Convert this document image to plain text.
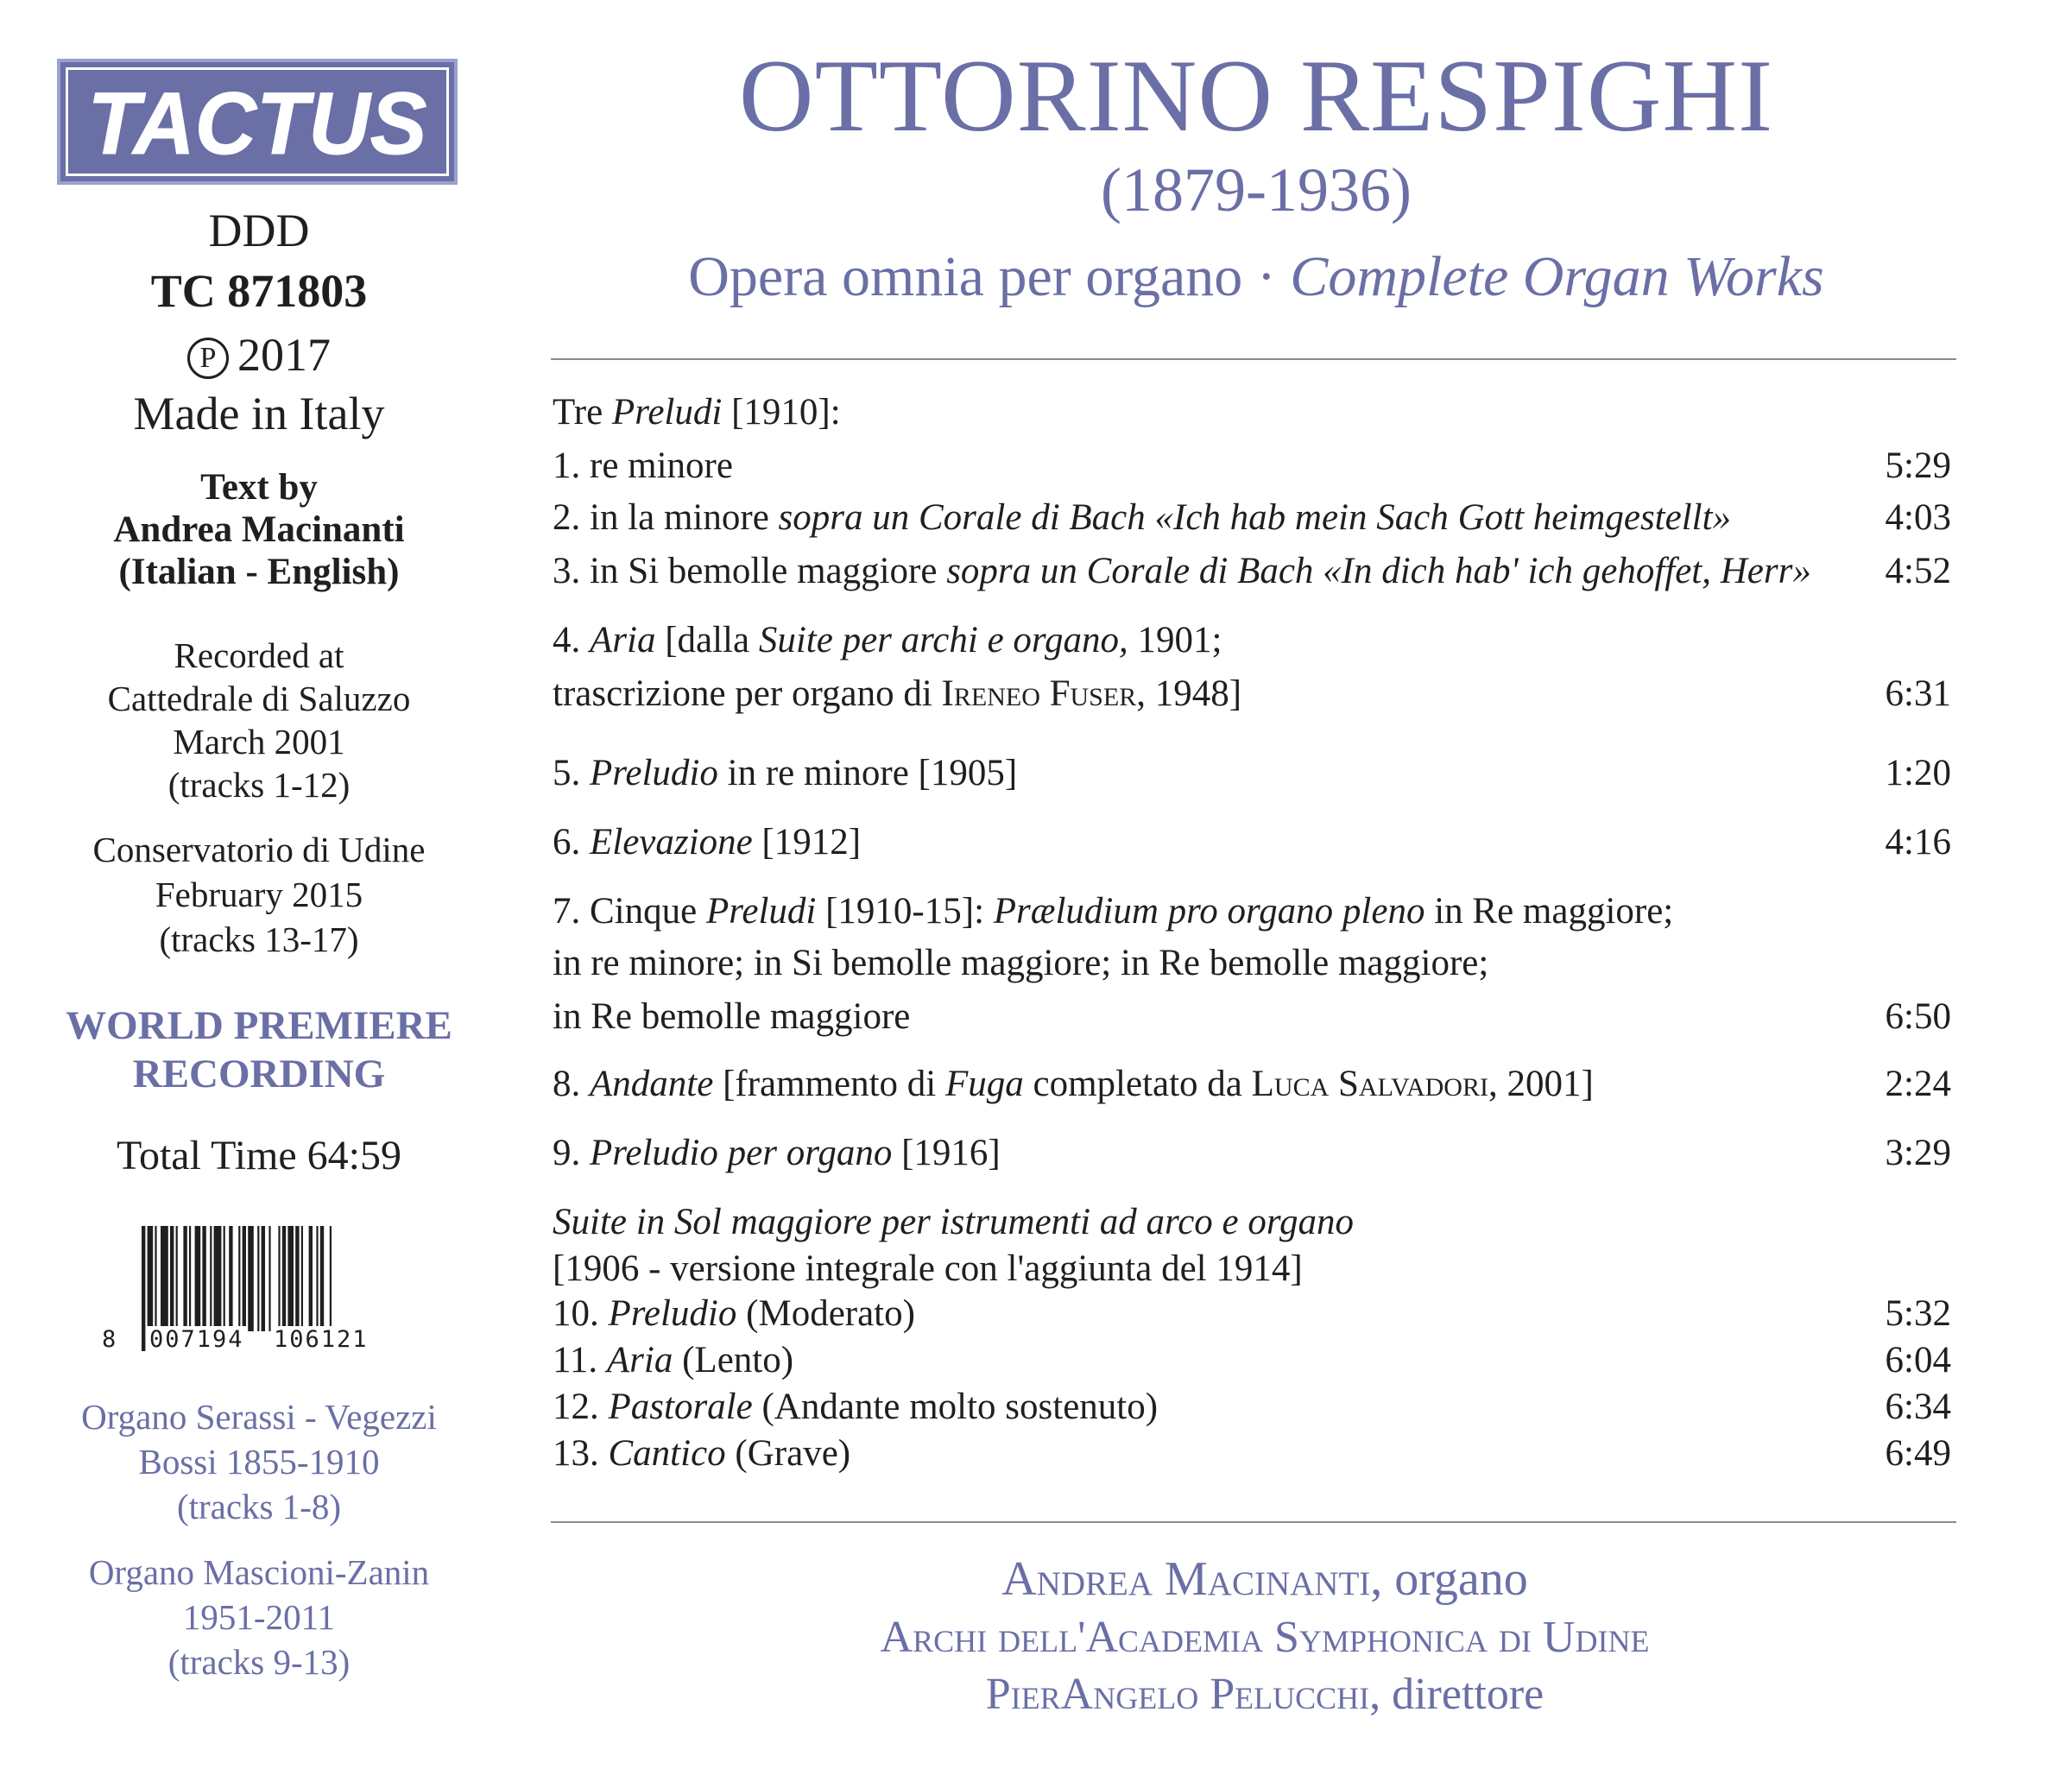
TACTUS
DDD
TC 871803
P 2017
Made in Italy
Text by
Andrea Macinanti
(Italian - English)
Recorded at
Cattedrale di Saluzzo
March 2001
(tracks 1-12)
Conservatorio di Udine
February 2015
(tracks 13-17)
WORLD PREMIERE
RECORDING
Total Time 64:59
8 007194 106121
Organo Serassi - Vegezzi
Bossi 1855-1910
(tracks 1-8)
Organo Mascioni-Zanin
1951-2011
(tracks 9-13)
OTTORINO RESPIGHI
(1879-1936)
Opera omnia per organo · Complete Organ Works
Tre Preludi [1910]:
1. re minore	5:29
2. in la minore sopra un Corale di Bach «Ich hab mein Sach Gott heimgestellt»	4:03
3. in Si bemolle maggiore sopra un Corale di Bach «In dich hab' ich gehoffet, Herr» 4:52
4. Aria [dalla Suite per archi e organo, 1901;
trascrizione per organo di Ireneo Fuser, 1948]	6:31
5. Preludio in re minore [1905]	1:20
6. Elevazione [1912]	4:16
7. Cinque Preludi [1910-15]: Præludium pro organo pleno in Re maggiore;
in re minore; in Si bemolle maggiore; in Re bemolle maggiore;
in Re bemolle maggiore	6:50
8. Andante [frammento di Fuga completato da Luca Salvadori, 2001]	2:24
9. Preludio per organo [1916]	3:29
Suite in Sol maggiore per istrumenti ad arco e organo
[1906 - versione integrale con l'aggiunta del 1914]
10. Preludio (Moderato)	5:32
11. Aria (Lento)	6:04
12. Pastorale (Andante molto sostenuto)	6:34
13. Cantico (Grave)	6:49
Andrea Macinanti, organo
Archi dell'Academia Symphonica di Udine
PierAngelo Pelucchi, direttore
